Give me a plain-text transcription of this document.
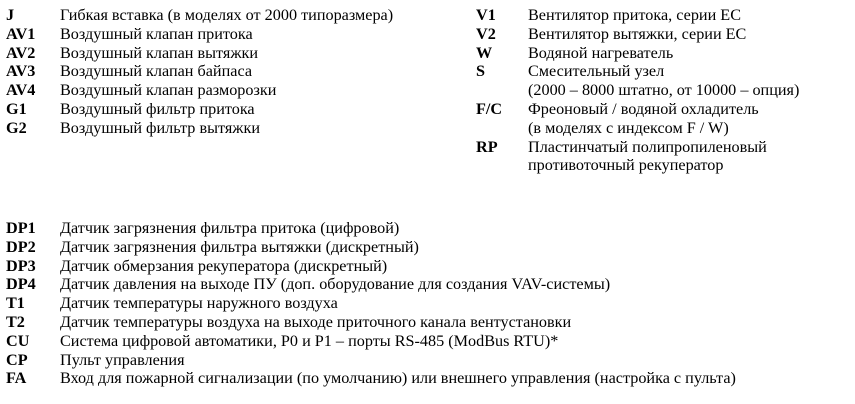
J	Гибкая вставка (в моделях от 2000 типоразмера)
AV1 Воздушный клапан притока
AV2 Воздушный клапан вытяжки
AV3 Воздушный клапан байпаса
AV4 Воздушный клапан разморозки
G1 Воздушный фильтр притока
G2 Воздушный фильтр вытяжки
V1 Вентилятор притока, серии ЕС
V2 Вентилятор вытяжки, серии ЕС
W Водяной нагреватель
S	Смесительный узел
(2000 – 8000 штатно, от 10000 – опция)
F/C Фреоновый / водяной охладитель
(в моделях с индексом F / W)
RP Пластинчатый полипропиленовый
противоточный рекуператор
DP1 Датчик загрязнения фильтра притока (цифровой)
DP2 Датчик загрязнения фильтра вытяжки (дискретный)
DP3 Датчик обмерзания рекуператора (дискретный)
DP4 Датчик давления на выходе ПУ (доп. оборудование для создания VAV-системы)
T1 Датчик температуры наружного воздуха
T2 Датчик температуры воздуха на выходе приточного канала вентустановки
CU Система цифровой автоматики, P0 и P1 – порты RS-485 (ModBus RTU)*
CP Пульт управления
FA Вход для пожарной сигнализации (по умолчанию) или внешнего управления (настройка с пульта)
